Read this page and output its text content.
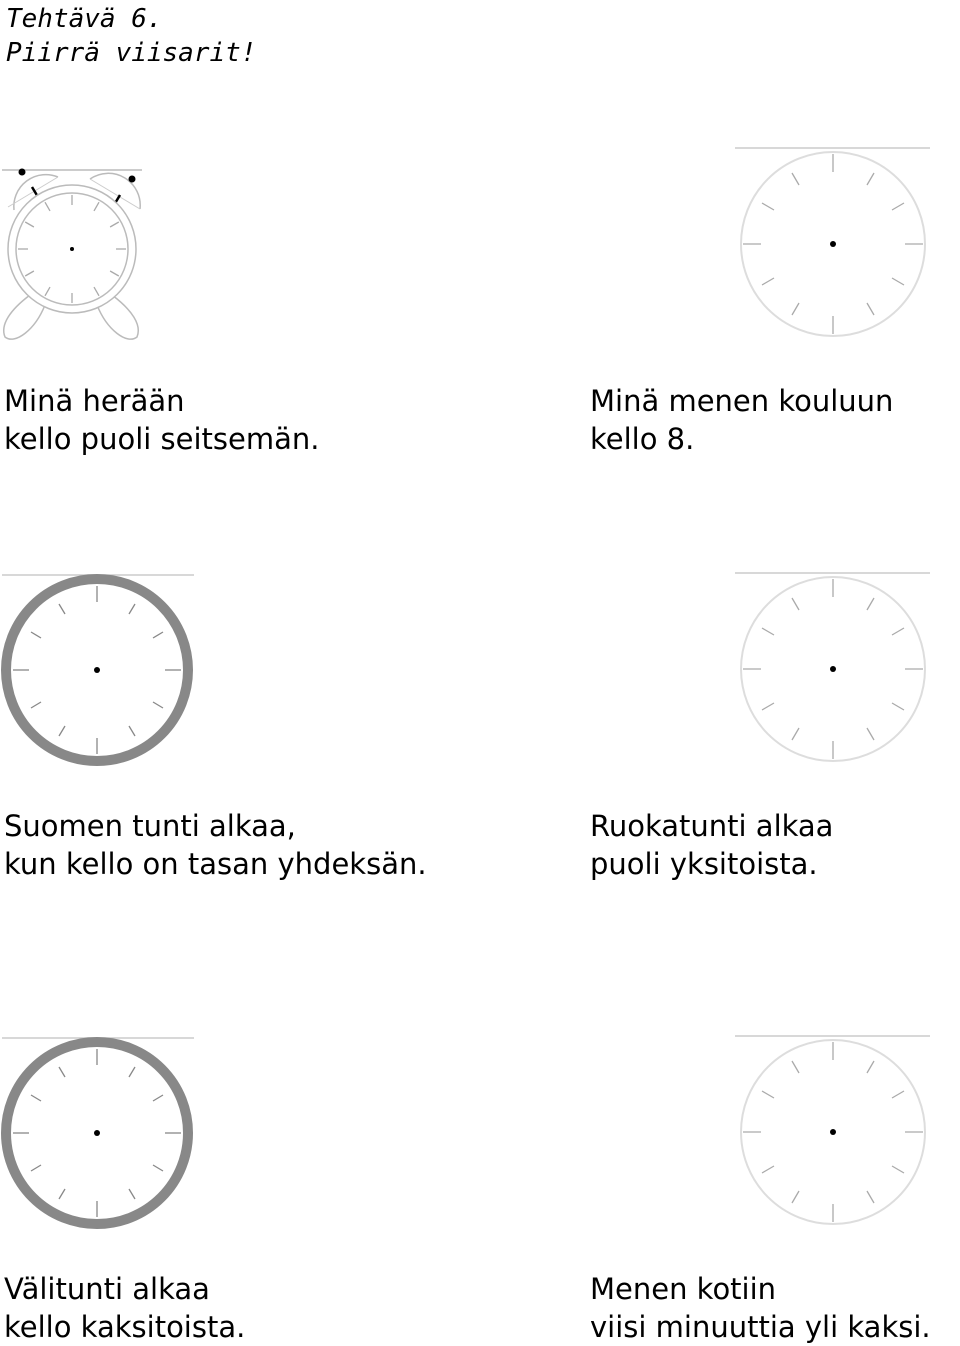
Tehtävä 6.

Piirrä viisarit!

Minä herään
kello puoli seitsemän.

Minä menen kouluun
kello 8.

Suomen tunti alkaa,
kun kello on tasan yhdeksän.

Ruokatunti alkaa
puoli yksitoista.

Välitunti alkaa
kello kaksitoista.

Menen kotiin
viisi minuuttia yli kaksi.
